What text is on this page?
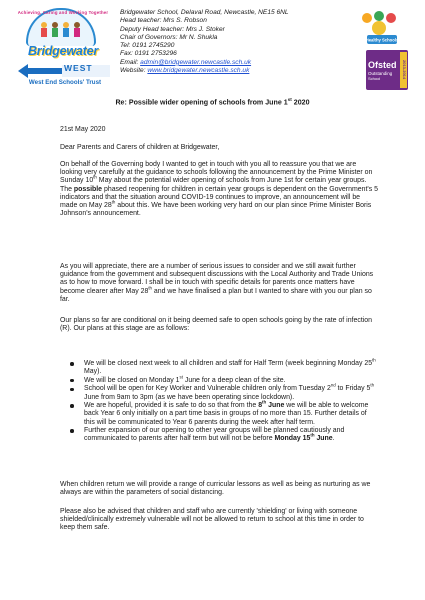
Achieving, Caring and Working Together
Bridgewater
WEST
West End Schools' Trust
Bridgewater School, Delaval Road, Newcastle, NE15 6NL
Head teacher: Mrs S. Robson
Deputy Head teacher: Mrs J. Stoker
Chair of Governors: Mr N. Shukla
Tel: 0191 2745290
Fax: 0191 2753296
Email: admin@bridgewater.newcastle.sch.uk
Website: www.bridgewater.newcastle.sch.uk
Healthy Schools
Ofsted
Outstanding
School	2013-2014
Re: Possible wider opening of schools from June 1st 2020
21st May 2020
Dear Parents and Carers of children at Bridgewater,
On behalf of the Governing body I wanted to get in touch with you all to reassure you that we are looking very carefully at the guidance to schools following the announcement by the Prime Minister on Sunday 10th May about the potential wider opening of schools from June 1st for certain year groups. The possible phased reopening for children in certain year groups is dependent on the Government's 5 indicators and that the situation around COVID-19 continues to improve, an announcement will be made on May 28th about this. We have been working very hard on our plan since Prime Minister Boris Johnson's announcement.
As you will appreciate, there are a number of serious issues to consider and we still await further guidance from the government and subsequent discussions with the Local Authority and Trade Unions as to how to move forward. I shall be in touch with specific details for parents once matters have become clearer after May 28th and we have finalised a plan but I wanted to share with you our plan so far.
Our plans so far are conditional on it being deemed safe to open schools going by the rate of infection (R). Our plans at this stage are as follows:
We will be closed next week to all children and staff for Half Term (week beginning Monday 25th May).
We will be closed on Monday 1st June for a deep clean of the site.
School will be open for Key Worker and Vulnerable children only from Tuesday 2nd to Friday 5th June from 9am to 3pm (as we have been operating since lockdown).
We are hopeful, provided it is safe to do so that from the 8th June we will be able to welcome back Year 6 only initially on a part time basis in groups of no more than 15. Further details of this will be communicated to Year 6 parents during the week after half term.
Further expansion of our opening to other year groups will be planned cautiously and communicated to parents after half term but will not be before Monday 15th June.
When children return we will provide a range of curricular lessons as well as being as nurturing as we always are within the parameters of social distancing.
Please also be advised that children and staff who are currently 'shielding' or living with someone shielded/clinically extremely vulnerable will not be allowed to return to school at this time in order to keep them safe.
